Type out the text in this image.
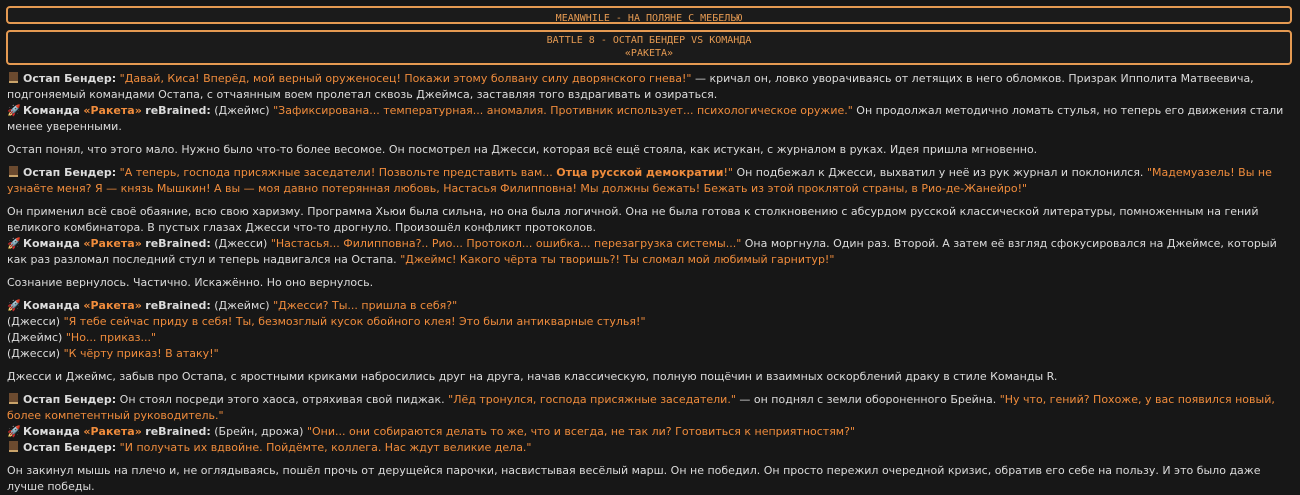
MEANWHILE - НА ПОЛЯНЕ С МЕБЕЛЬЮ
BATTLE 8 - ОСТАП БЕНДЕР VS КОМАНДА
«РАКЕТА»

Остап Бендер: "Давай, Киса! Вперёд, мой верный оруженосец! Покажи этому болвану силу дворянского гнева!" — кричал он, ловко уворачиваясь от летящих в него обломков. Призрак Ипполита Матвеевича, подгоняемый командами Остапа, с отчаянным воем пролетал сквозь Джеймса, заставляя того вздрагивать и озираться.

🚀 Команда «Ракета» reBrained: (Джеймс) "Зафиксирована... температурная... аномалия. Противник использует... психологическое оружие." Он продолжал методично ломать стулья, но теперь его движения стали менее уверенными.

Остап понял, что этого мало. Нужно было что-то более весомое. Он посмотрел на Джесси, которая всё ещё стояла, как истукан, с журналом в руках. Идея пришла мгновенно.

Остап Бендер: "А теперь, господа присяжные заседатели! Позвольте представить вам... Отца русской демократии!" Он подбежал к Джесси, выхватил у неё из рук журнал и поклонился. "Мадемуазель! Вы не узнаёте меня? Я — князь Мышкин! А вы — моя давно потерянная любовь, Настасья Филипповна! Мы должны бежать! Бежать из этой проклятой страны, в Рио-де-Жанейро!"

Он применил всё своё обаяние, всю свою харизму. Программа Хьюи была сильна, но она была логичной. Она не была готова к столкновению с абсурдом русской классической литературы, помноженным на гений великого комбинатора. В пустых глазах Джесси что-то дрогнуло. Произошёл конфликт протоколов.

🚀 Команда «Ракета» reBrained: (Джесси) "Настасья... Филипповна?.. Рио... Протокол... ошибка... перезагрузка системы..." Она моргнула. Один раз. Второй. А затем её взгляд сфокусировался на Джеймсе, который как раз разломал последний стул и теперь надвигался на Остапа. "Джеймс! Какого чёрта ты творишь?! Ты сломал мой любимый гарнитур!"

Сознание вернулось. Частично. Искажённо. Но оно вернулось.

🚀 Команда «Ракета» reBrained: (Джеймс) "Джесси? Ты... пришла в себя?"

(Джесси) "Я тебе сейчас приду в себя! Ты, безмозглый кусок обойного клея! Это были антикварные стулья!"

(Джеймс) "Но... приказ..."

(Джесси) "К чёрту приказ! В атаку!"

Джесси и Джеймс, забыв про Остапа, с яростными криками набросились друг на друга, начав классическую, полную пощёчин и взаимных оскорблений драку в стиле Команды R.

Остап Бендер: Он стоял посреди этого хаоса, отряхивая свой пиджак. "Лёд тронулся, господа присяжные заседатели." — он поднял с земли обороненного Брейна. "Ну что, гений? Похоже, у вас появился новый, более компетентный руководитель."

🚀 Команда «Ракета» reBrained: (Брейн, дрожа) "Они... они собираются делать то же, что и всегда, не так ли? Готовиться к неприятностям?"

Остап Бендер: "И получать их вдвойне. Пойдёмте, коллега. Нас ждут великие дела."

Он закинул мышь на плечо и, не оглядываясь, пошёл прочь от дерущейся парочки, насвистывая весёлый марш. Он не победил. Он просто пережил очередной кризис, обратив его себе на пользу. И это было даже лучше победы.
